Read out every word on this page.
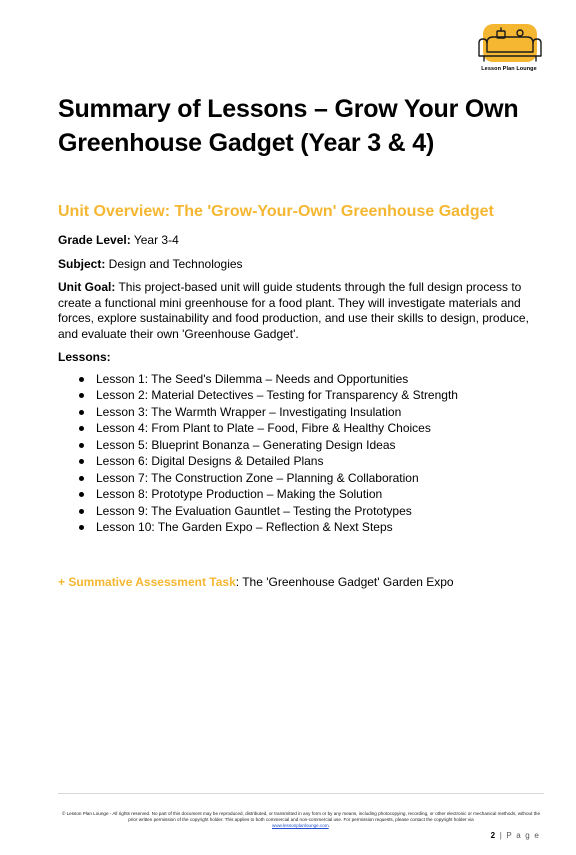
Lesson Plan Lounge
Summary of Lessons – Grow Your Own Greenhouse Gadget (Year 3 & 4)
Unit Overview: The 'Grow-Your-Own' Greenhouse Gadget

Grade Level: Year 3-4

Subject: Design and Technologies

Unit Goal: This project-based unit will guide students through the full design process to create a functional mini greenhouse for a food plant. They will investigate materials and forces, explore sustainability and food production, and use their skills to design, produce, and evaluate their own 'Greenhouse Gadget'.

Lessons:
Lesson 1: The Seed's Dilemma – Needs and Opportunities
Lesson 2: Material Detectives – Testing for Transparency & Strength
Lesson 3: The Warmth Wrapper – Investigating Insulation
Lesson 4: From Plant to Plate – Food, Fibre & Healthy Choices
Lesson 5: Blueprint Bonanza – Generating Design Ideas
Lesson 6: Digital Designs & Detailed Plans
Lesson 7: The Construction Zone – Planning & Collaboration
Lesson 8: Prototype Production – Making the Solution
Lesson 9: The Evaluation Gauntlet – Testing the Prototypes
Lesson 10: The Garden Expo – Reflection & Next Steps
+ Summative Assessment Task: The 'Greenhouse Gadget' Garden Expo
© Lesson Plan Lounge - All rights reserved. No part of this document may be reproduced, distributed, or transmitted in any form or by any means, including photocopying, recording, or other electronic or mechanical methods, without the prior written permission of the copyright holder. This applies to both commercial and non-commercial use. For permission requests, please contact the copyright holder via
www.lessonplanlounge.com.
2 | P a g e
